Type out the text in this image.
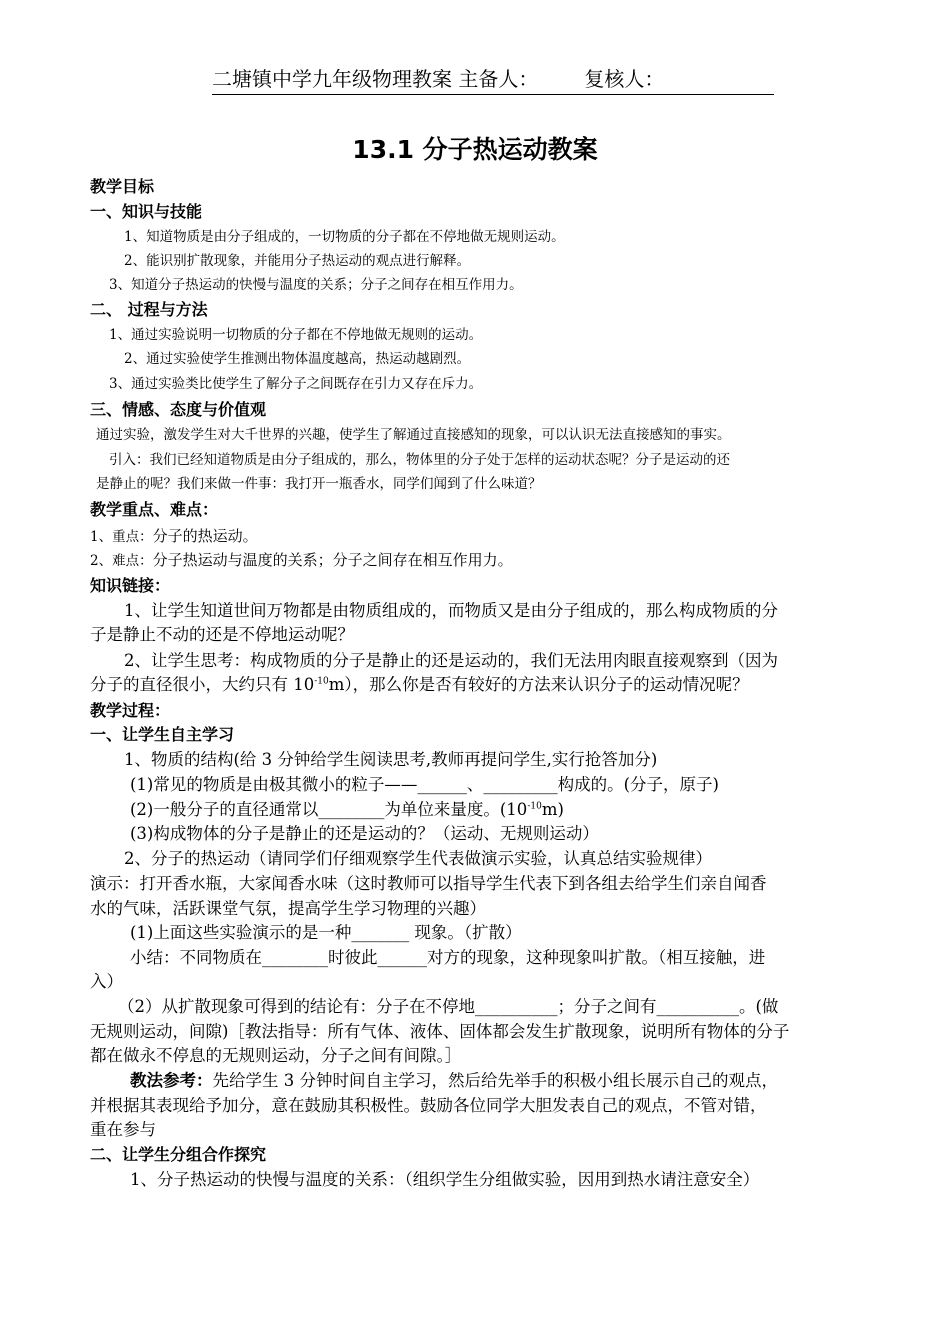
二塘镇中学九年级物理教案 主备人： 复核人：
13.1 分子热运动教案
教学目标
一、知识与技能
1、知道物质是由分子组成的，一切物质的分子都在不停地做无规则运动。
2、能识别扩散现象，并能用分子热运动的观点进行解释。
3、知道分子热运动的快慢与温度的关系；分子之间存在相互作用力。
二、 过程与方法
1、通过实验说明一切物质的分子都在不停地做无规则的运动。
2、通过实验使学生推测出物体温度越高，热运动越剧烈。
3、通过实验类比使学生了解分子之间既存在引力又存在斥力。
三、情感、态度与价值观
通过实验，激发学生对大千世界的兴趣，使学生了解通过直接感知的现象，可以认识无法直接感知的事实。
引入：我们已经知道物质是由分子组成的，那么，物体里的分子处于怎样的运动状态呢？分子是运动的还
是静止的呢？我们来做一件事：我打开一瓶香水，同学们闻到了什么味道？
教学重点、难点：
1、重点：分子的热运动。
2、难点：分子热运动与温度的关系；分子之间存在相互作用力。
知识链接：
1、让学生知道世间万物都是由物质组成的，而物质又是由分子组成的，那么构成物质的分
子是静止不动的还是不停地运动呢？
2、让学生思考：构成物质的分子是静止的还是运动的，我们无法用肉眼直接观察到（因为
分子的直径很小，大约只有 $10^{-10}m$），那么你是否有较好的方法来认识分子的运动情况呢？
教学过程：
一、让学生自主学习
1、物质的结构(给 3 分钟给学生阅读思考,教师再提问学生,实行抢答加分)
(1)常见的物质是由极其微小的粒子——______、_________构成的。(分子，原子)
(2)一般分子的直径通常以________为单位来量度。$(10^{-10}m)$
(3)构成物体的分子是静止的还是运动的？（运动、无规则运动）
2、分子的热运动（请同学们仔细观察学生代表做演示实验，认真总结实验规律）
演示：打开香水瓶，大家闻香水味（这时教师可以指导学生代表下到各组去给学生们亲自闻香
水的气味，活跃课堂气氛，提高学生学习物理的兴趣）
(1)上面这些实验演示的是一种_______ 现象。（扩散）
小结：不同物质在________时彼此______对方的现象，这种现象叫扩散。（相互接触，进
入）
（2）从扩散现象可得到的结论有：分子在不停地__________；分子之间有__________。(做
无规则运动，间隙)［教法指导：所有气体、液体、固体都会发生扩散现象，说明所有物体的分子
都在做永不停息的无规则运动，分子之间有间隙。］
教法参考：先给学生 3 分钟时间自主学习，然后给先举手的积极小组长展示自己的观点，
并根据其表现给予加分，意在鼓励其积极性。鼓励各位同学大胆发表自己的观点，不管对错，
重在参与
二、让学生分组合作探究
1、分子热运动的快慢与温度的关系：（组织学生分组做实验，因用到热水请注意安全）
